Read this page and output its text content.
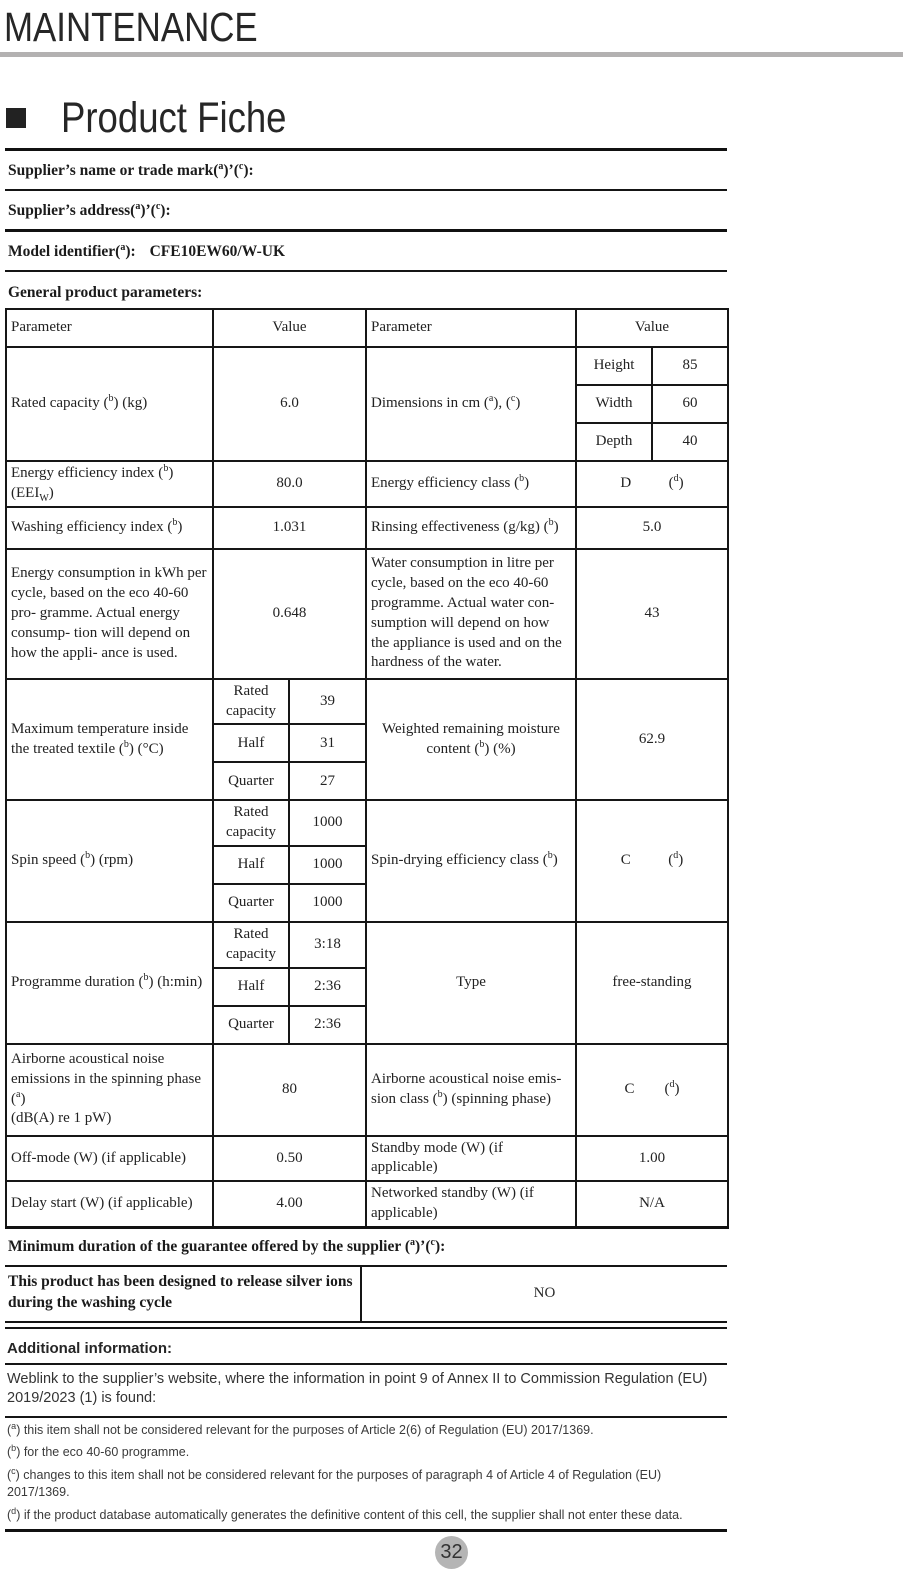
MAINTENANCE
Product Fiche
Supplier’s name or trade mark($^a$)’($^c$):
Supplier’s address($^a$)’($^c$):
Model identifier($^a$): CFE10EW60/W-UK
General product parameters:
Parameter	Value		Parameter	Value	
Rated capacity ($^b$) (kg)	6.0		Dimensions in cm ($^a$), ($^c$)	Height	85
				Width	60
				Depth	40
Energy efficiency index ($^b$)
$(EEI_W)$	80.0		Energy efficiency class ($^b$)	D          ($^d$)	
Washing efficiency index ($^b$)	1.031		Rinsing effectiveness (g/kg) ($^b$)	5.0	
Energy consumption in kWh per cycle, based on the eco 40-60 pro- gramme. Actual energy consump- tion will depend on how the appli- ance is used.	0.648		Water consumption in litre per cycle, based on the eco 40-60 programme. Actual water con- sumption will depend on how the appliance is used and on the hardness of the water.	43	
Maximum temperature inside the treated textile ($^b$) (°C)	Rated capacity	39	Weighted remaining moisture content ($^b$) (%)	62.9	
	Half	31			
	Quarter	27			
Spin speed ($^b$) (rpm)	Rated capacity	1000	Spin-drying efficiency class ($^b$)	C          ($^d$)	
	Half	1000			
	Quarter	1000			
Programme duration ($^b$) (h:min)	Rated capacity	3:18	Type	free-standing	
	Half	2:36			
	Quarter	2:36			
Airborne acoustical noise emissions in the spinning phase
($^a$)
(dB(A) re 1 pW)	80		Airborne acoustical noise emis- sion class ($^b$) (spinning phase)	C        ($^d$)	
Off-mode (W) (if applicable)	0.50		Standby mode (W) (if applicable)	1.00	
Delay start (W) (if applicable)	4.00		Networked standby (W) (if applicable)	N/A	
Minimum duration of the guarantee offered by the supplier ($^a$)’($^c$):
This product has been designed to release silver ions during the washing cycle
NO
Additional information:
Weblink to the supplier’s website, where the information in point 9 of Annex II to Commission Regulation (EU) 2019/2023 (1) is found:
($^a$) this item shall not be considered relevant for the purposes of Article 2(6) of Regulation (EU) 2017/1369.
($^b$) for the eco 40-60 programme.
($^c$) changes to this item shall not be considered relevant for the purposes of paragraph 4 of Article 4 of Regulation (EU) 2017/1369.
($^d$) if the product database automatically generates the definitive content of this cell, the supplier shall not enter these data.
32
